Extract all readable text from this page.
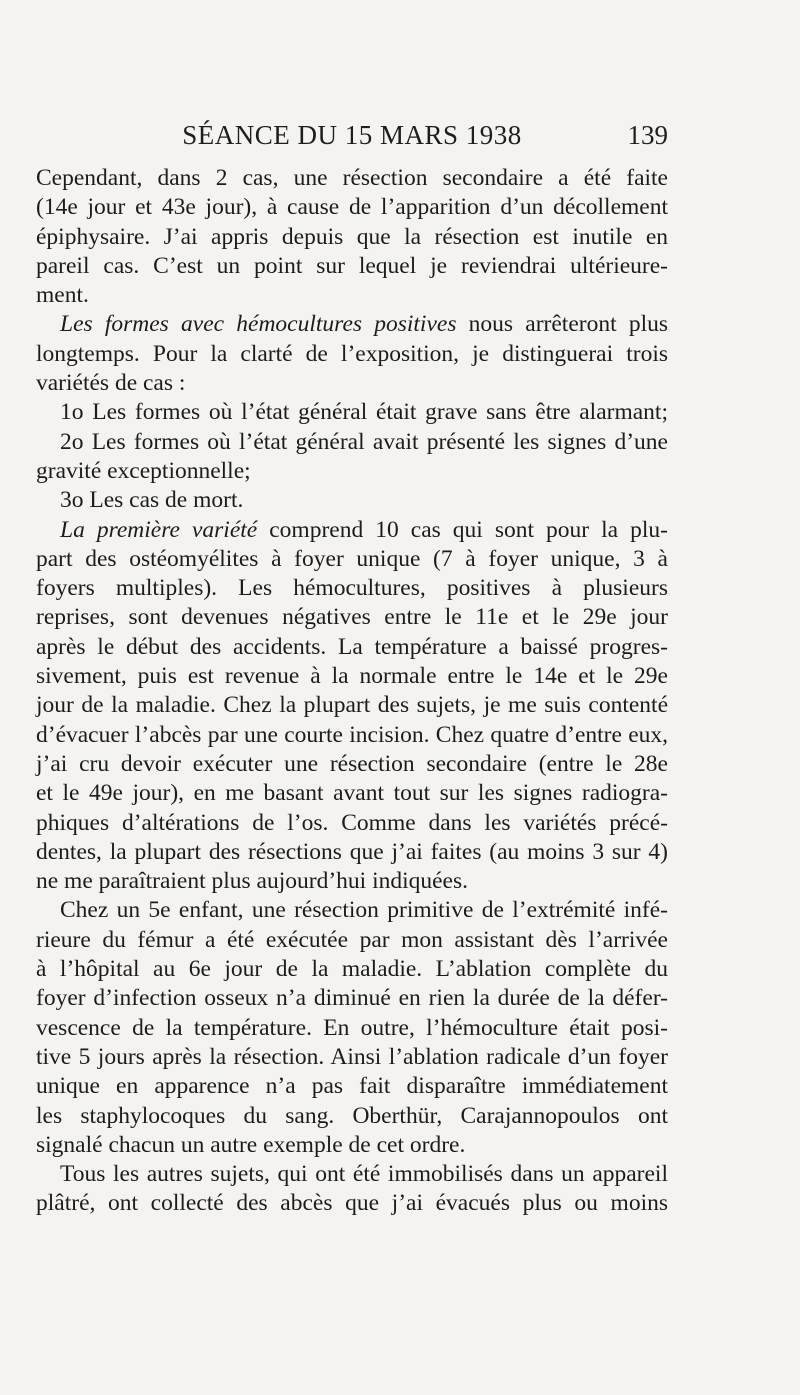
SÉANCE DU 15 MARS 1938	139
Cependant, dans 2 cas, une résection secondaire a été faite
(14e jour et 43e jour), à cause de l’apparition d’un décollement
épiphysaire. J’ai appris depuis que la résection est inutile en
pareil cas. C’est un point sur lequel je reviendrai ultérieure-
ment.
Les formes avec hémocultures positives nous arrêteront plus
longtemps. Pour la clarté de l’exposition, je distinguerai trois
variétés de cas :
1o Les formes où l’état général était grave sans être alarmant;
2o Les formes où l’état général avait présenté les signes d’une
gravité exceptionnelle;
3o Les cas de mort.
La première variété comprend 10 cas qui sont pour la plu-
part des ostéomyélites à foyer unique (7 à foyer unique, 3 à
foyers multiples). Les hémocultures, positives à plusieurs
reprises, sont devenues négatives entre le 11e et le 29e jour
après le début des accidents. La température a baissé progres-
sivement, puis est revenue à la normale entre le 14e et le 29e
jour de la maladie. Chez la plupart des sujets, je me suis contenté
d’évacuer l’abcès par une courte incision. Chez quatre d’entre eux,
j’ai cru devoir exécuter une résection secondaire (entre le 28e
et le 49e jour), en me basant avant tout sur les signes radiogra-
phiques d’altérations de l’os. Comme dans les variétés précé-
dentes, la plupart des résections que j’ai faites (au moins 3 sur 4)
ne me paraîtraient plus aujourd’hui indiquées.
Chez un 5e enfant, une résection primitive de l’extrémité infé-
rieure du fémur a été exécutée par mon assistant dès l’arrivée
à l’hôpital au 6e jour de la maladie. L’ablation complète du
foyer d’infection osseux n’a diminué en rien la durée de la défer-
vescence de la température. En outre, l’hémoculture était posi-
tive 5 jours après la résection. Ainsi l’ablation radicale d’un foyer
unique en apparence n’a pas fait disparaître immédiatement
les staphylocoques du sang. Oberthür, Carajannopoulos ont
signalé chacun un autre exemple de cet ordre.
Tous les autres sujets, qui ont été immobilisés dans un appareil
plâtré, ont collecté des abcès que j’ai évacués plus ou moins
